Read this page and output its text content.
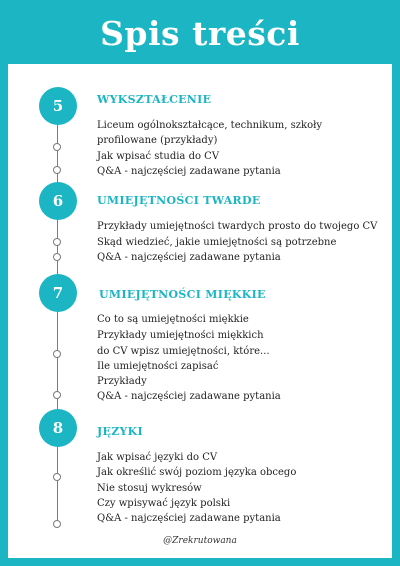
Spis treści
5	WYKSZTAŁCENIE
Liceum ogólnokształcące, technikum, szkoły
profilowane (przykłady)
Jak wpisać studia do CV
Q&A - najczęściej zadawane pytania
6	UMIEJĘTNOŚCI TWARDE
Przykłady umiejętności twardych prosto do twojego CV
Skąd wiedzieć, jakie umiejętności są potrzebne
Q&A - najczęściej zadawane pytania
7	UMIEJĘTNOŚCI MIĘKKIE
Co to są umiejętności miękkie
Przykłady umiejętności miękkich
do CV wpisz umiejętności, które...
Ile umiejętności zapisać
Przykłady
Q&A - najczęściej zadawane pytania
8	JĘZYKI
Jak wpisać języki do CV
Jak określić swój poziom języka obcego
Nie stosuj wykresów
Czy wpisywać język polski
Q&A - najczęściej zadawane pytania
@Zrekrutowana
